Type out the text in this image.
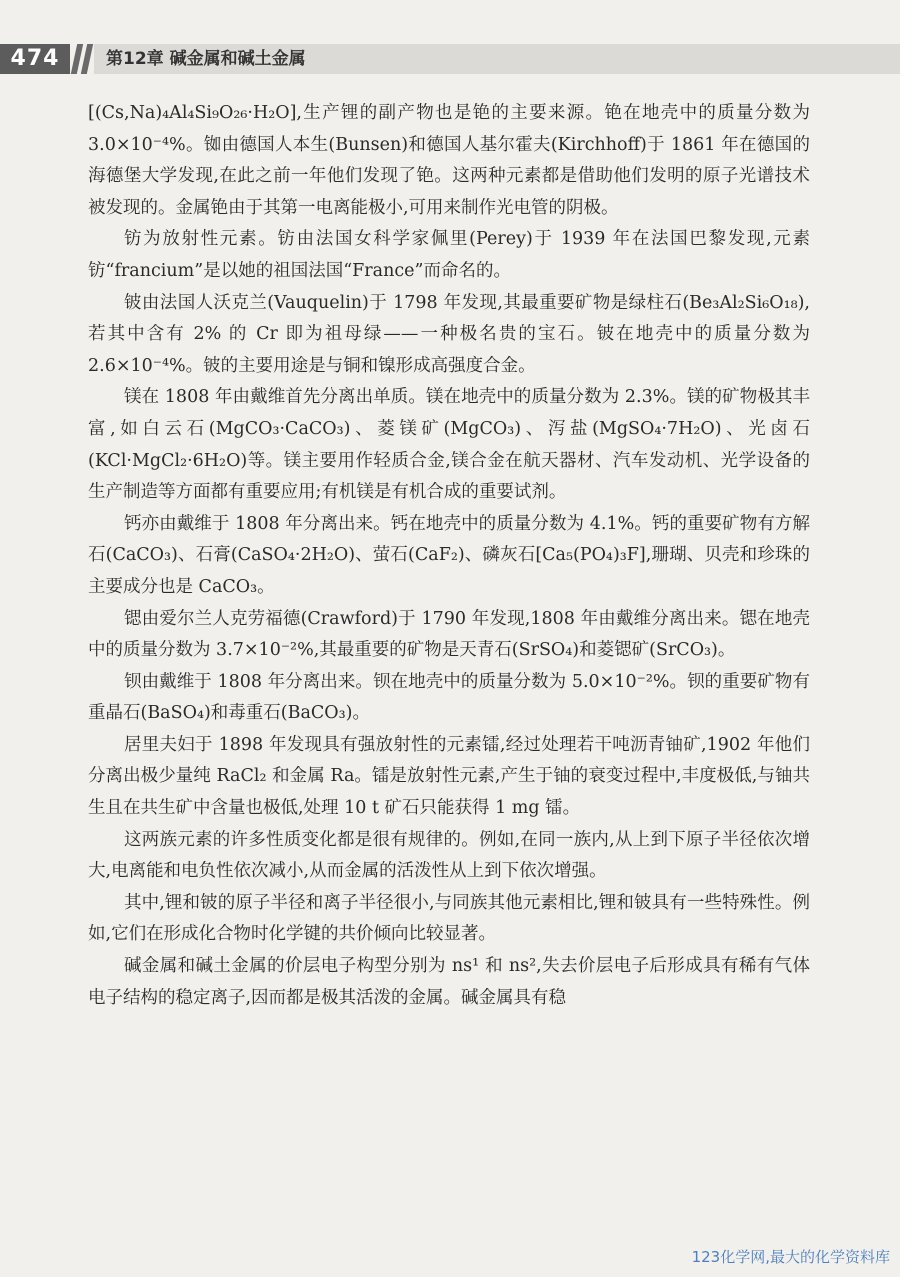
474	第12章 碱金属和碱土金属

[(Cs,Na)₄Al₄Si₉O₂₆·H₂O],生产锂的副产物也是铯的主要来源。铯在地壳中的质量分数为 3.0×10⁻⁴%。铷由德国人本生(Bunsen)和德国人基尔霍夫(Kirchhoff)于 1861 年在德国的海德堡大学发现,在此之前一年他们发现了铯。这两种元素都是借助他们发明的原子光谱技术被发现的。金属铯由于其第一电离能极小,可用来制作光电管的阴极。

钫为放射性元素。钫由法国女科学家佩里(Perey)于 1939 年在法国巴黎发现,元素钫“francium”是以她的祖国法国“France”而命名的。

铍由法国人沃克兰(Vauquelin)于 1798 年发现,其最重要矿物是绿柱石(Be₃Al₂Si₆O₁₈),若其中含有 2% 的 Cr 即为祖母绿——一种极名贵的宝石。铍在地壳中的质量分数为 2.6×10⁻⁴%。铍的主要用途是与铜和镍形成高强度合金。

镁在 1808 年由戴维首先分离出单质。镁在地壳中的质量分数为 2.3%。镁的矿物极其丰富,如白云石(MgCO₃·CaCO₃)、菱镁矿(MgCO₃)、泻盐(MgSO₄·7H₂O)、光卤石(KCl·MgCl₂·6H₂O)等。镁主要用作轻质合金,镁合金在航天器材、汽车发动机、光学设备的生产制造等方面都有重要应用;有机镁是有机合成的重要试剂。

钙亦由戴维于 1808 年分离出来。钙在地壳中的质量分数为 4.1%。钙的重要矿物有方解石(CaCO₃)、石膏(CaSO₄·2H₂O)、萤石(CaF₂)、磷灰石[Ca₅(PO₄)₃F],珊瑚、贝壳和珍珠的主要成分也是 CaCO₃。

锶由爱尔兰人克劳福德(Crawford)于 1790 年发现,1808 年由戴维分离出来。锶在地壳中的质量分数为 3.7×10⁻²%,其最重要的矿物是天青石(SrSO₄)和菱锶矿(SrCO₃)。

钡由戴维于 1808 年分离出来。钡在地壳中的质量分数为 5.0×10⁻²%。钡的重要矿物有重晶石(BaSO₄)和毒重石(BaCO₃)。

居里夫妇于 1898 年发现具有强放射性的元素镭,经过处理若干吨沥青铀矿,1902 年他们分离出极少量纯 RaCl₂ 和金属 Ra。镭是放射性元素,产生于铀的衰变过程中,丰度极低,与铀共生且在共生矿中含量也极低,处理 10 t 矿石只能获得 1 mg 镭。

这两族元素的许多性质变化都是很有规律的。例如,在同一族内,从上到下原子半径依次增大,电离能和电负性依次减小,从而金属的活泼性从上到下依次增强。

其中,锂和铍的原子半径和离子半径很小,与同族其他元素相比,锂和铍具有一些特殊性。例如,它们在形成化合物时化学键的共价倾向比较显著。

碱金属和碱土金属的价层电子构型分别为 ns¹ 和 ns²,失去价层电子后形成具有稀有气体电子结构的稳定离子,因而都是极其活泼的金属。碱金属具有稳

123化学网,最大的化学资料库
